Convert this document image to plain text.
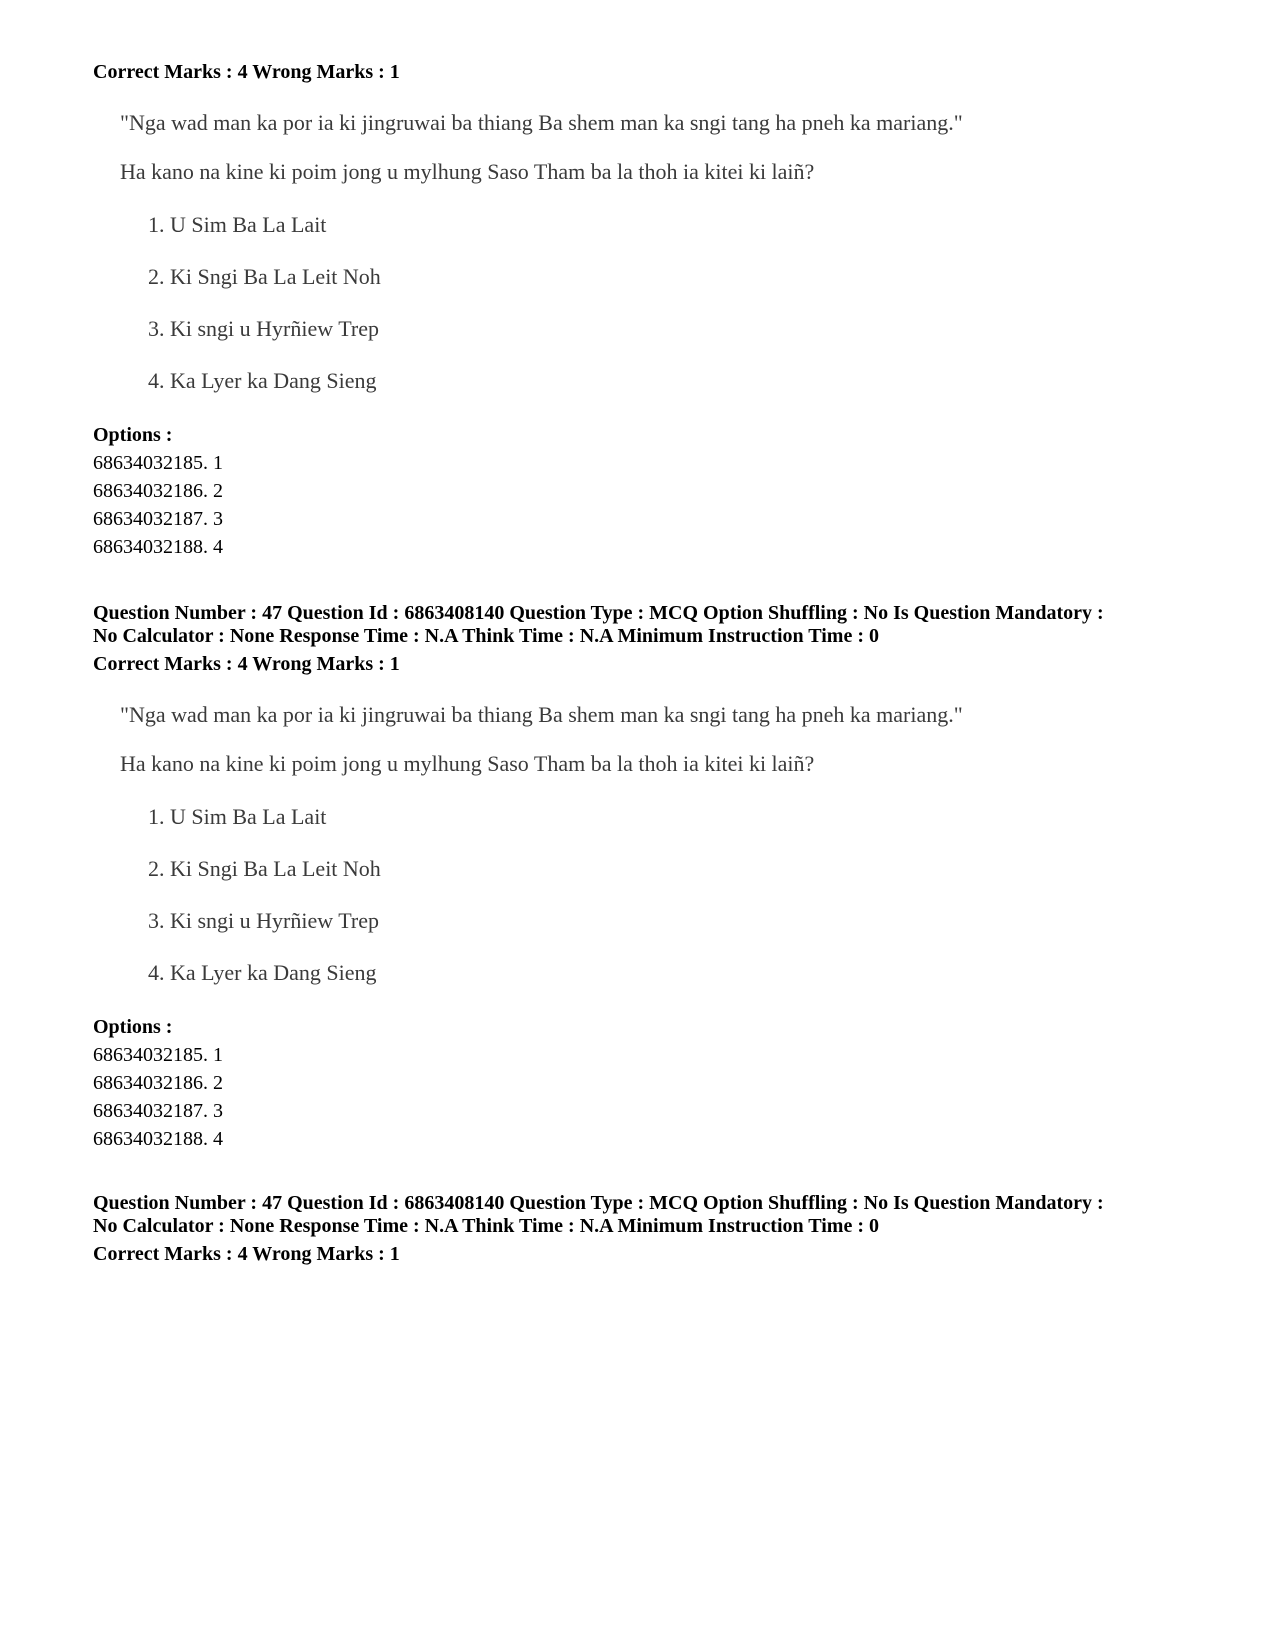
Correct Marks : 4 Wrong Marks : 1
"Nga wad man ka por ia ki jingruwai ba thiang Ba shem man ka sngi tang ha pneh ka mariang."
Ha kano na kine ki poim jong u mylhung Saso Tham ba la thoh ia kitei ki laiñ?
1. U Sim Ba La Lait
2. Ki Sngi Ba La Leit Noh
3. Ki sngi u Hyrñiew Trep
4. Ka Lyer ka Dang Sieng
Options :
68634032185. 1
68634032186. 2
68634032187. 3
68634032188. 4
Question Number : 47 Question Id : 6863408140 Question Type : MCQ Option Shuffling : No Is Question Mandatory :
No Calculator : None Response Time : N.A Think Time : N.A Minimum Instruction Time : 0
Correct Marks : 4 Wrong Marks : 1
"Nga wad man ka por ia ki jingruwai ba thiang Ba shem man ka sngi tang ha pneh ka mariang."
Ha kano na kine ki poim jong u mylhung Saso Tham ba la thoh ia kitei ki laiñ?
1. U Sim Ba La Lait
2. Ki Sngi Ba La Leit Noh
3. Ki sngi u Hyrñiew Trep
4. Ka Lyer ka Dang Sieng
Options :
68634032185. 1
68634032186. 2
68634032187. 3
68634032188. 4
Question Number : 47 Question Id : 6863408140 Question Type : MCQ Option Shuffling : No Is Question Mandatory :
No Calculator : None Response Time : N.A Think Time : N.A Minimum Instruction Time : 0
Correct Marks : 4 Wrong Marks : 1
